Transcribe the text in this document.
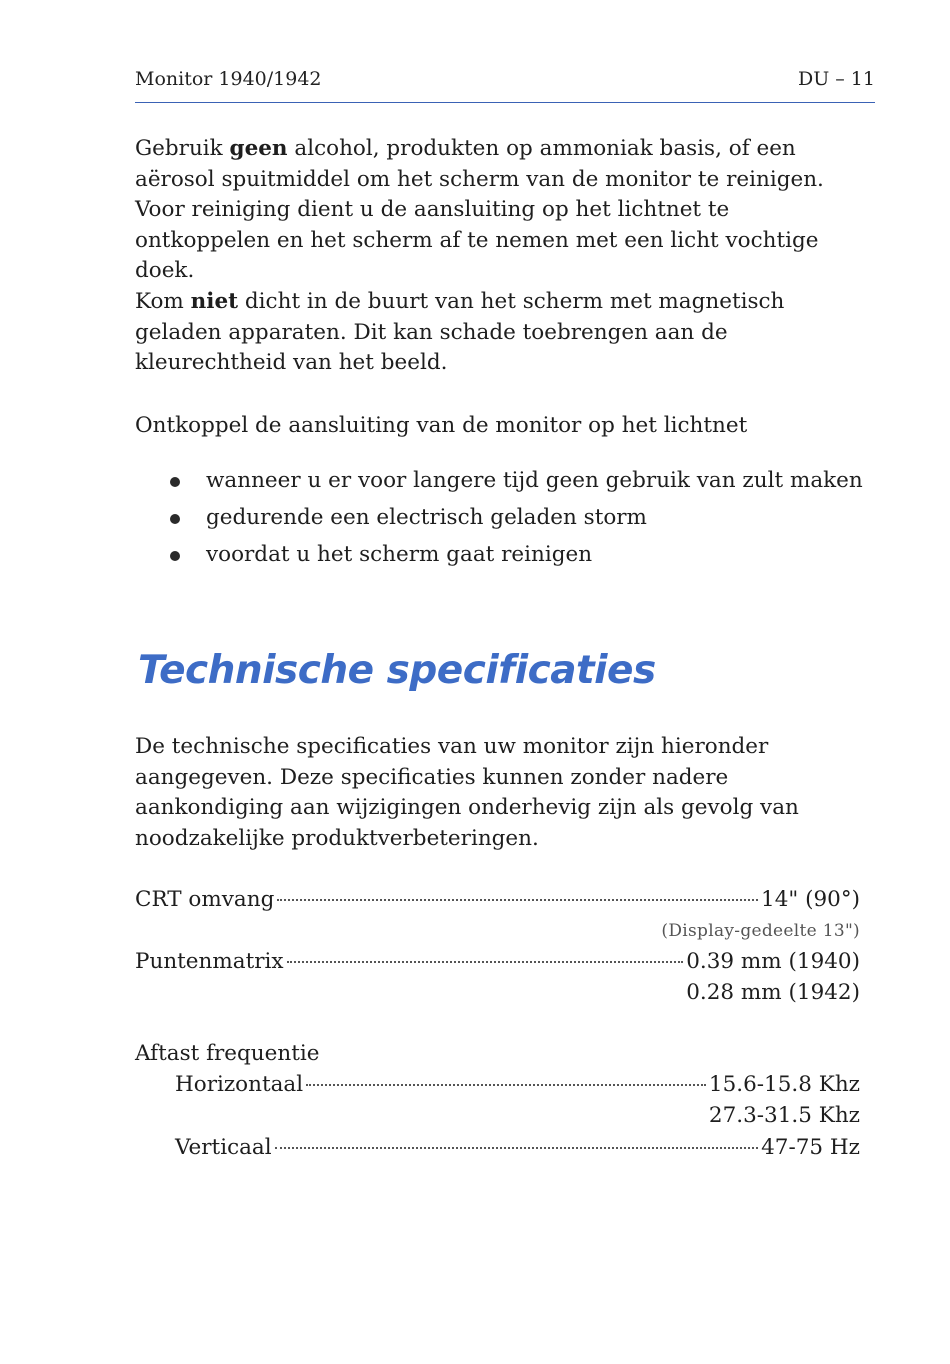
Monitor 1940/1942	DU – 11

Gebruik geen alcohol, produkten op ammoniak basis, of een aërosol spuitmiddel om het scherm van de monitor te reinigen. Voor reiniging dient u de aansluiting op het lichtnet te ontkoppelen en het scherm af te nemen met een licht vochtige doek.

Kom niet dicht in de buurt van het scherm met magnetisch geladen apparaten. Dit kan schade toebrengen aan de kleurechtheid van het beeld.

Ontkoppel de aansluiting van de monitor op het lichtnet

wanneer u er voor langere tijd geen gebruik van zult maken
gedurende een electrisch geladen storm
voordat u het scherm gaat reinigen
Technische specificaties

De technische specificaties van uw monitor zijn hieronder aangegeven. Deze specificaties kunnen zonder nadere aankondiging aan wijzigingen onderhevig zijn als gevolg van noodzakelijke produktverbeteringen.

CRT omvang	14" (90°)
(Display-gedeelte 13")
Puntenmatrix	0.39 mm (1940)
0.28 mm (1942)
Aftast frequentie
Horizontaal	15.6-15.8 Khz
27.3-31.5 Khz
Verticaal	47-75 Hz
